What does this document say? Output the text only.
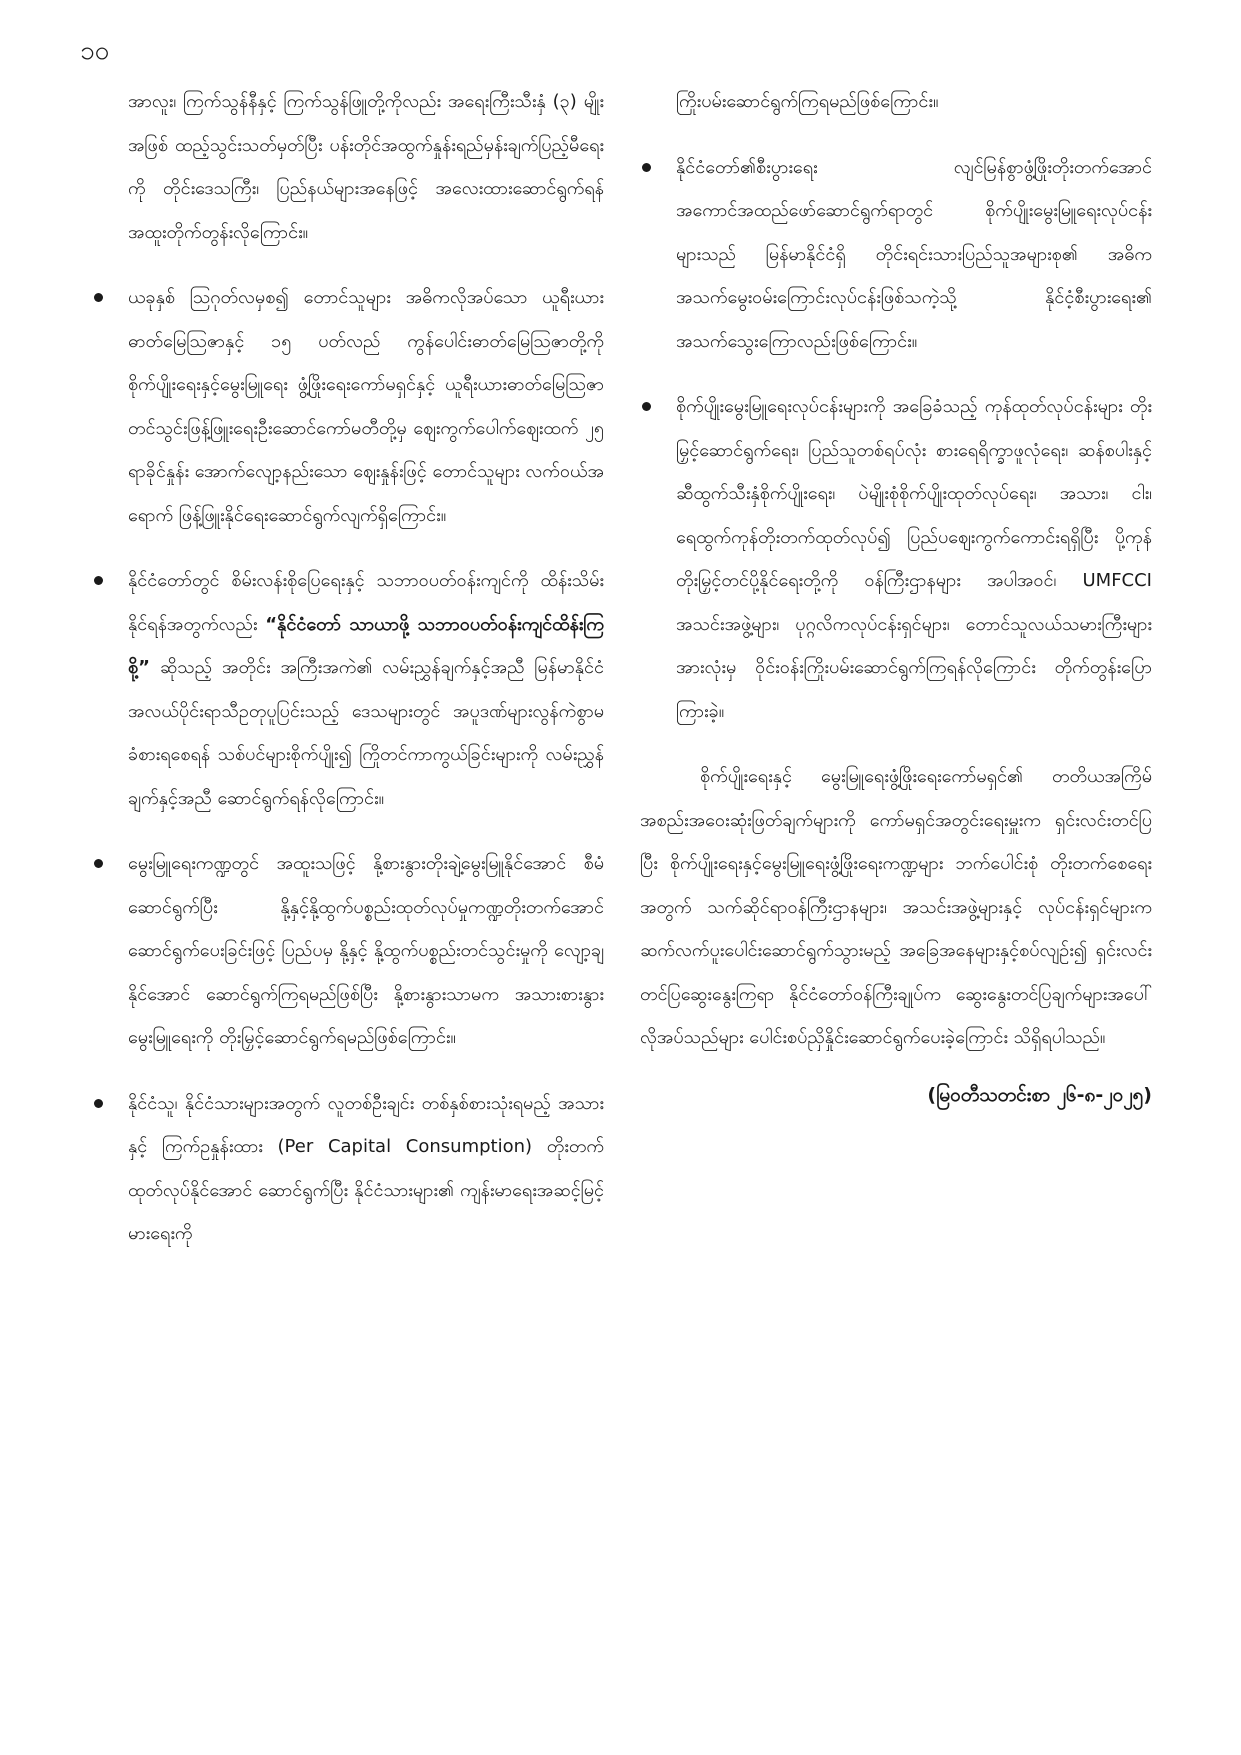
၁၀

အာလူး၊ ကြက်သွန်နီနှင့် ကြက်သွန်ဖြူတို့ကိုလည်း အရေးကြီးသီးနှံ (၃) မျိုးအဖြစ် ထည့်သွင်းသတ်မှတ်ပြီး ပန်းတိုင်အထွက်နှုန်းရည်မှန်းချက်ပြည့်မီရေးကို တိုင်းဒေသကြီး၊ ပြည်နယ်များအနေဖြင့် အလေးထားဆောင်ရွက်ရန် အထူးတိုက်တွန်းလိုကြောင်း။

ယခုနှစ် ဩဂုတ်လမှစ၍ တောင်သူများ အဓိကလိုအပ်သော ယူရီးယားဓာတ်မြေဩဇာနှင့် ၁၅ ပတ်လည် ကွန်ပေါင်းဓာတ်မြေဩဇာတို့ကို စိုက်ပျိုးရေးနှင့်မွေးမြူရေး ဖွံ့ဖြိုးရေးကော်မရှင်နှင့် ယူရီးယားဓာတ်မြေဩဇာ တင်သွင်းဖြန့်ဖြူးရေးဦးဆောင်ကော်မတီတို့မှ ဈေးကွက်ပေါက်ဈေးထက် ၂၅ ရာခိုင်နှုန်း အောက်လျော့နည်းသော ဈေးနှုန်းဖြင့် တောင်သူများ လက်ဝယ်အရောက် ဖြန့်ဖြူးနိုင်ရေးဆောင်ရွက်လျက်ရှိကြောင်း။
နိုင်ငံတော်တွင် စိမ်းလန်းစိုပြေရေးနှင့် သဘာဝပတ်ဝန်းကျင်ကို ထိန်းသိမ်းနိုင်ရန်အတွက်လည်း “နိုင်ငံတော် သာယာဖို့ သဘာဝပတ်ဝန်းကျင်ထိန်းကြစို့” ဆိုသည့် အတိုင်း အကြီးအကဲ၏ လမ်းညွှန်ချက်နှင့်အညီ မြန်မာနိုင်ငံအလယ်ပိုင်းရာသီဥတုပူပြင်းသည့် ဒေသများတွင် အပူဒဏ်များလွန်ကဲစွာမခံစားရစေရန် သစ်ပင်များစိုက်ပျိုး၍ ကြိုတင်ကာကွယ်ခြင်းများကို လမ်းညွှန်ချက်နှင့်အညီ ဆောင်ရွက်ရန်လိုကြောင်း။
မွေးမြူရေးကဏ္ဍတွင် အထူးသဖြင့် နို့စားနွားတိုးချဲ့မွေးမြူနိုင်အောင် စီမံဆောင်ရွက်ပြီး နို့နှင့်နို့ထွက်ပစ္စည်းထုတ်လုပ်မှုကဏ္ဍတိုးတက်အောင် ဆောင်ရွက်ပေးခြင်းဖြင့် ပြည်ပမှ နို့နှင့် နို့ထွက်ပစ္စည်းတင်သွင်းမှုကို လျော့ချနိုင်အောင် ဆောင်ရွက်ကြရမည်ဖြစ်ပြီး နို့စားနွားသာမက အသားစားနွားမွေးမြူရေးကို တိုးမြှင့်ဆောင်ရွက်ရမည်ဖြစ်ကြောင်း။
နိုင်ငံသူ၊ နိုင်ငံသားများအတွက် လူတစ်ဦးချင်း တစ်နှစ်စားသုံးရမည့် အသားနှင့် ကြက်ဥနှုန်းထား (Per Capital Consumption) တိုးတက်ထုတ်လုပ်နိုင်အောင် ဆောင်ရွက်ပြီး နိုင်ငံသားများ၏ ကျန်းမာရေးအဆင့်မြင့်မားရေးကို

ကြိုးပမ်းဆောင်ရွက်ကြရမည်ဖြစ်ကြောင်း။

နိုင်ငံတော်၏စီးပွားရေး လျင်မြန်စွာဖွံ့ဖြိုးတိုးတက်အောင် အကောင်အထည်ဖော်ဆောင်ရွက်ရာတွင် စိုက်ပျိုးမွေးမြူရေးလုပ်ငန်းများသည် မြန်မာနိုင်ငံရှိ တိုင်းရင်းသားပြည်သူအများစု၏ အဓိကအသက်မွေးဝမ်းကြောင်းလုပ်ငန်းဖြစ်သကဲ့သို့ နိုင်ငံ့စီးပွားရေး၏ အသက်သွေးကြောလည်းဖြစ်ကြောင်း။
စိုက်ပျိုးမွေးမြူရေးလုပ်ငန်းများကို အခြေခံသည့် ကုန်ထုတ်လုပ်ငန်းများ တိုးမြှင့်ဆောင်ရွက်ရေး၊ ပြည်သူတစ်ရပ်လုံး စားရေရိက္ခာဖူလုံရေး၊ ဆန်စပါးနှင့် ဆီထွက်သီးနှံစိုက်ပျိုးရေး၊ ပဲမျိုးစုံစိုက်ပျိုးထုတ်လုပ်ရေး၊ အသား၊ ငါး၊ ရေထွက်ကုန်တိုးတက်ထုတ်လုပ်၍ ပြည်ပဈေးကွက်ကောင်းရရှိပြီး ပို့ကုန်တိုးမြှင့်တင်ပို့နိုင်ရေးတို့ကို ဝန်ကြီးဌာနများ အပါအဝင်၊ UMFCCI အသင်းအဖွဲ့များ၊ ပုဂ္ဂလိကလုပ်ငန်းရှင်များ၊ တောင်သူလယ်သမားကြီးများ အားလုံးမှ ဝိုင်းဝန်းကြိုးပမ်းဆောင်ရွက်ကြရန်လိုကြောင်း တိုက်တွန်းပြောကြားခဲ့။

စိုက်ပျိုးရေးနှင့် မွေးမြူရေးဖွံ့ဖြိုးရေးကော်မရှင်၏ တတိယအကြိမ် အစည်းအဝေးဆုံးဖြတ်ချက်များကို ကော်မရှင်အတွင်းရေးမှူးက ရှင်းလင်းတင်ပြပြီး စိုက်ပျိုးရေးနှင့်မွေးမြူရေးဖွံ့ဖြိုးရေးကဏ္ဍများ ဘက်ပေါင်းစုံ တိုးတက်စေရေးအတွက် သက်ဆိုင်ရာဝန်ကြီးဌာနများ၊ အသင်းအဖွဲ့များနှင့် လုပ်ငန်းရှင်များက ဆက်လက်ပူးပေါင်းဆောင်ရွက်သွားမည့် အခြေအနေများနှင့်စပ်လျဉ်း၍ ရှင်းလင်းတင်ပြဆွေးနွေးကြရာ နိုင်ငံတော်ဝန်ကြီးချုပ်က ဆွေးနွေးတင်ပြချက်များအပေါ် လိုအပ်သည်များ ပေါင်းစပ်ညှိနှိုင်းဆောင်ရွက်ပေးခဲ့ကြောင်း သိရှိရပါသည်။

(မြဝတီသတင်းစာ ၂၆-၈-၂၀၂၅)
